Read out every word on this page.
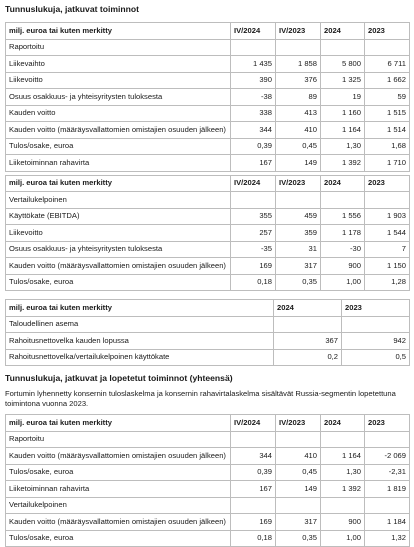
Tunnuslukuja, jatkuvat toiminnot

milj. euroa tai kuten merkitty	IV/2024	IV/2023	2024	2023
Raportoitu				
Liikevaihto	1 435	1 858	5 800	6 711
Liikevoitto	390	376	1 325	1 662
Osuus osakkuus- ja yhteisyritysten tuloksesta	-38	89	19	59
Kauden voitto	338	413	1 160	1 515
Kauden voitto (määräysvallattomien omistajien osuuden jälkeen)	344	410	1 164	1 514
Tulos/osake, euroa	0,39	0,45	1,30	1,68
Liiketoiminnan rahavirta	167	149	1 392	1 710
milj. euroa tai kuten merkitty	IV/2024	IV/2023	2024	2023
Vertailukelpoinen				
Käyttökate (EBITDA)	355	459	1 556	1 903
Liikevoitto	257	359	1 178	1 544
Osuus osakkuus- ja yhteisyritysten tuloksesta	-35	31	-30	7
Kauden voitto (määräysvallattomien omistajien osuuden jälkeen)	169	317	900	1 150
Tulos/osake, euroa	0,18	0,35	1,00	1,28
milj. euroa tai kuten merkitty	2024	2023
Taloudellinen asema		
Rahoitusnettovelka kauden lopussa	367	942
Rahoitusnettovelka/vertailukelpoinen käyttökate	0,2	0,5

Tunnuslukuja, jatkuvat ja lopetetut toiminnot (yhteensä)

Fortumin lyhennetty konsernin tuloslaskelma ja konsernin rahavirtalaskelma sisältävät Russia-segmentin lopetettuna toimintona vuonna 2023.

milj. euroa tai kuten merkitty	IV/2024	IV/2023	2024	2023
Raportoitu				
Kauden voitto (määräysvallattomien omistajien osuuden jälkeen)	344	410	1 164	-2 069
Tulos/osake, euroa	0,39	0,45	1,30	-2,31
Liiketoiminnan rahavirta	167	149	1 392	1 819
Vertailukelpoinen				
Kauden voitto (määräysvallattomien omistajien osuuden jälkeen)	169	317	900	1 184
Tulos/osake, euroa	0,18	0,35	1,00	1,32
